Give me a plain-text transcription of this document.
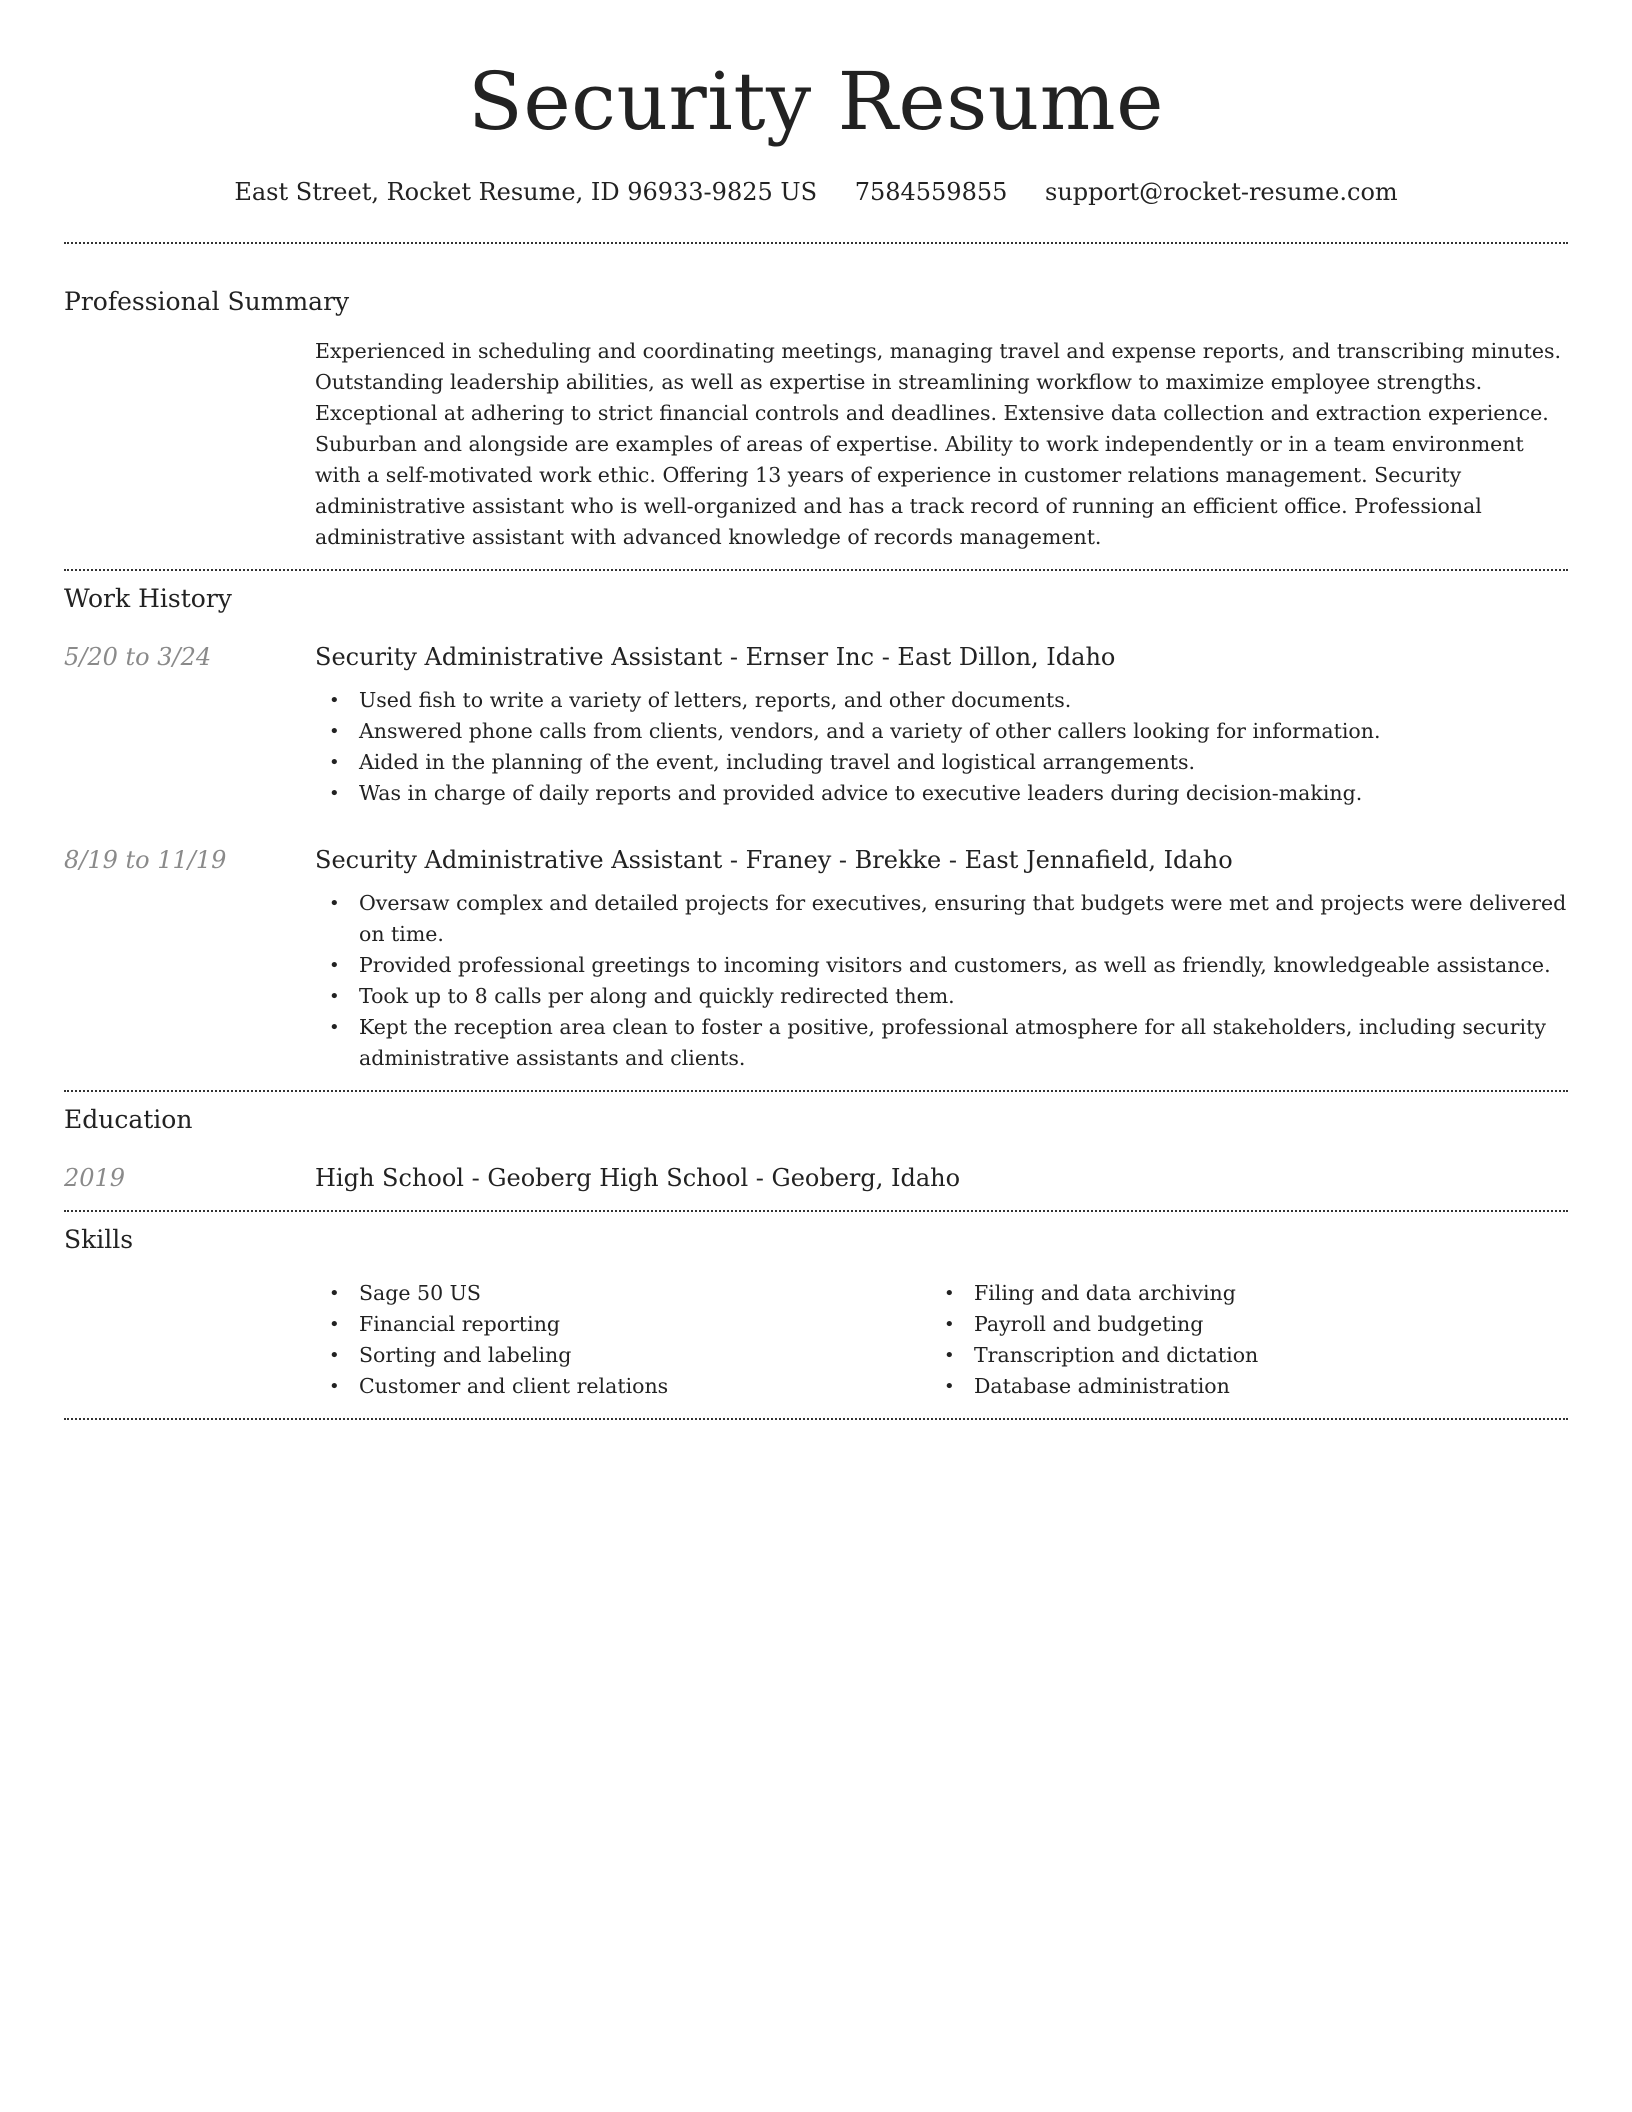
Security Resume
East Street, Rocket Resume, ID 96933-9825 US 7584559855 support@rocket-resume.com
Professional Summary

Experienced in scheduling and coordinating meetings, managing travel and expense reports, and transcribing minutes. Outstanding leadership abilities, as well as expertise in streamlining workflow to maximize employee strengths. Exceptional at adhering to strict financial controls and deadlines. Extensive data collection and extraction experience. Suburban and alongside are examples of areas of expertise. Ability to work independently or in a team environment with a self-motivated work ethic. Offering 13 years of experience in customer relations management. Security administrative assistant who is well-organized and has a track record of running an efficient office. Professional administrative assistant with advanced knowledge of records management.

Work History
5/20 to 3/24	Security Administrative Assistant - Ernser Inc - East Dillon, Idaho
• Used fish to write a variety of letters, reports, and other documents.
• Answered phone calls from clients, vendors, and a variety of other callers looking for information.
• Aided in the planning of the event, including travel and logistical arrangements.
• Was in charge of daily reports and provided advice to executive leaders during decision-making.
8/19 to 11/19	Security Administrative Assistant - Franey - Brekke - East Jennafield, Idaho
• Oversaw complex and detailed projects for executives, ensuring that budgets were met and projects were delivered on time.
• Provided professional greetings to incoming visitors and customers, as well as friendly, knowledgeable assistance.
• Took up to 8 calls per along and quickly redirected them.
• Kept the reception area clean to foster a positive, professional atmosphere for all stakeholders, including security administrative assistants and clients.
Education
2019	High School - Geoberg High School - Geoberg, Idaho
Skills
• Sage 50 US
• Financial reporting
• Sorting and labeling
• Customer and client relations
• Filing and data archiving
• Payroll and budgeting
• Transcription and dictation
• Database administration
